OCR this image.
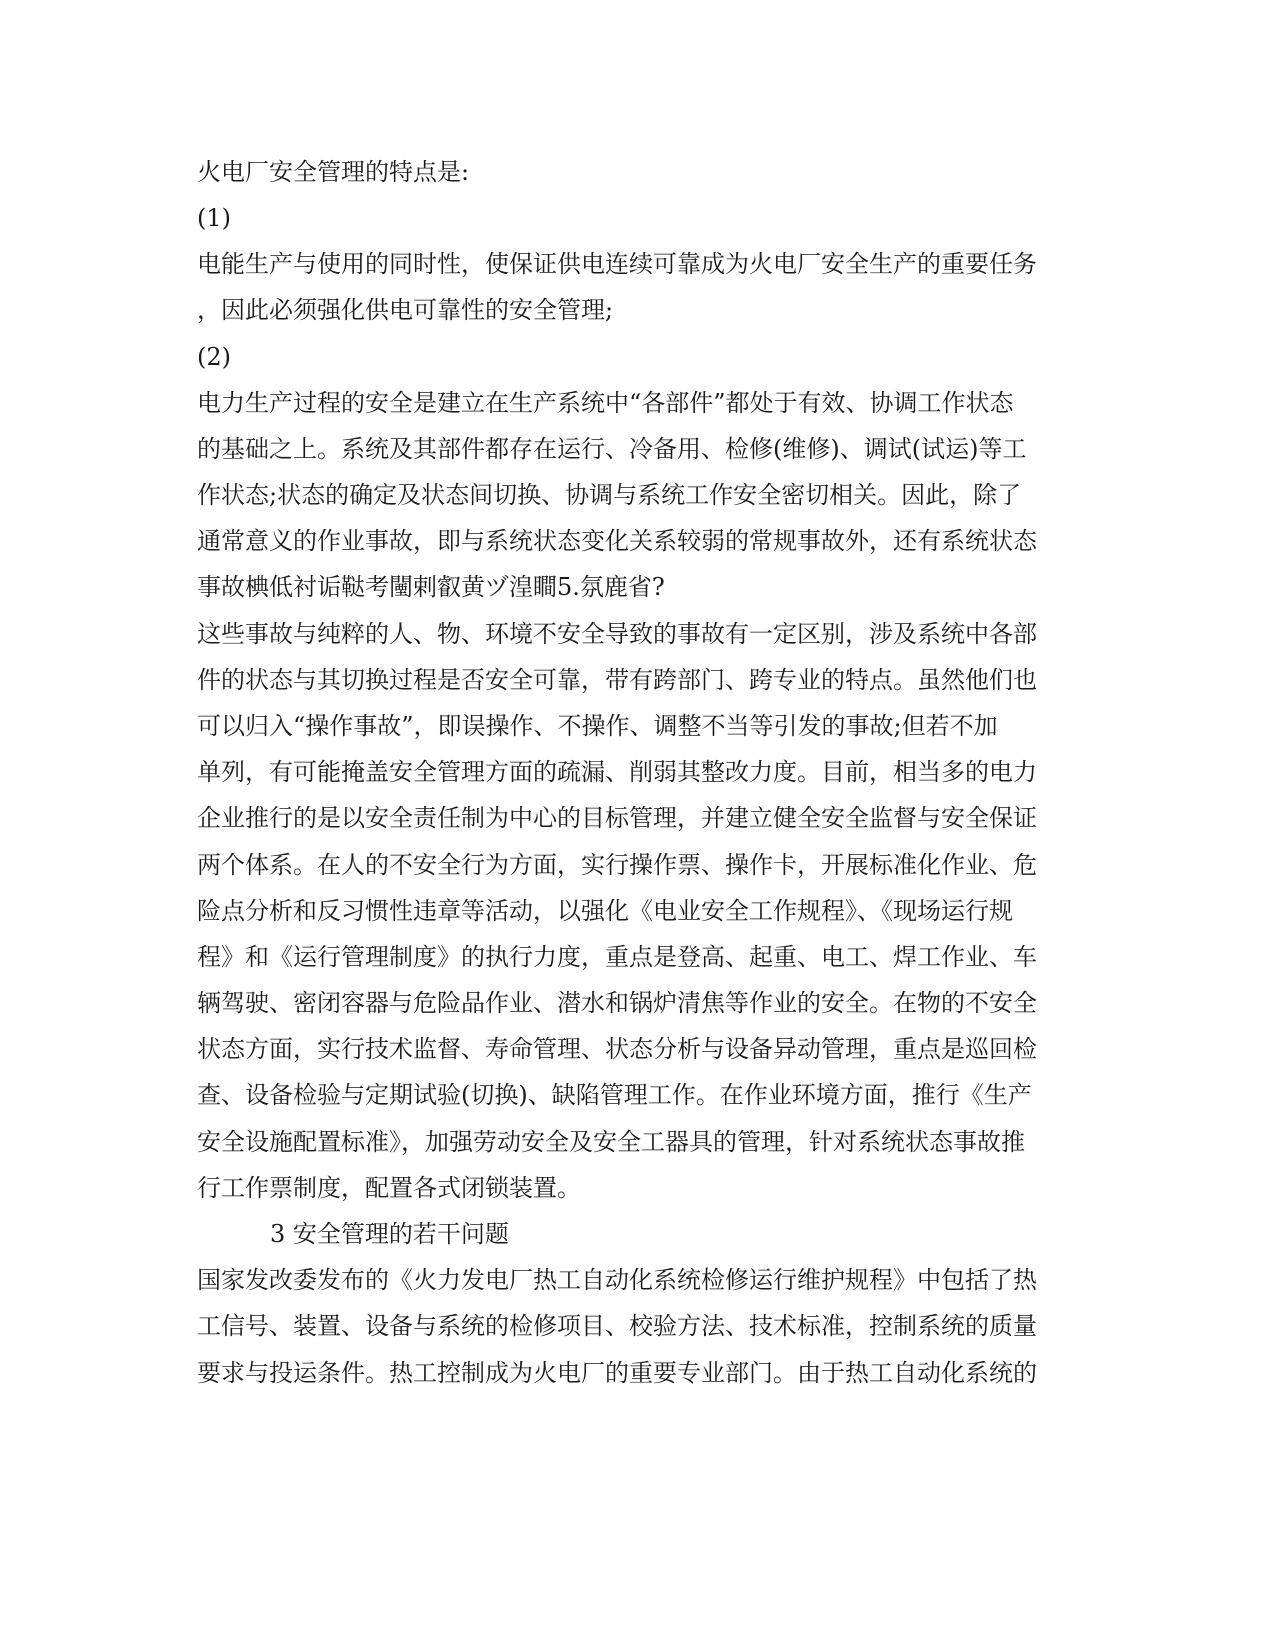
火电厂安全管理的特点是:
(1)
电能生产与使用的同时性，使保证供电连续可靠成为火电厂安全生产的重要任务
，因此必须强化供电可靠性的安全管理;
(2)
电力生产过程的安全是建立在生产系统中“各部件”都处于有效、协调工作状态
的基础之上。系统及其部件都存在运行、冷备用、检修(维修)、调试(试运)等工
作状态;状态的确定及状态间切换、协调与系统工作安全密切相关。因此，除了
通常意义的作业事故，即与系统状态变化关系较弱的常规事故外，还有系统状态
事故椣低衬诟鞑考闉剌叡黄ヅ湟瞷5.氛鹿省?
这些事故与纯粹的人、物、环境不安全导致的事故有一定区别，涉及系统中各部
件的状态与其切换过程是否安全可靠，带有跨部门、跨专业的特点。虽然他们也
可以归入“操作事故”，即误操作、不操作、调整不当等引发的事故;但若不加
单列，有可能掩盖安全管理方面的疏漏、削弱其整改力度。目前，相当多的电力
企业推行的是以安全责任制为中心的目标管理，并建立健全安全监督与安全保证
两个体系。在人的不安全行为方面，实行操作票、操作卡，开展标准化作业、危
险点分析和反习惯性违章等活动，以强化《电业安全工作规程》、《现场运行规
程》和《运行管理制度》的执行力度，重点是登高、起重、电工、焊工作业、车
辆驾驶、密闭容器与危险品作业、潜水和锅炉清焦等作业的安全。在物的不安全
状态方面，实行技术监督、寿命管理、状态分析与设备异动管理，重点是巡回检
查、设备检验与定期试验(切换)、缺陷管理工作。在作业环境方面，推行《生产
安全设施配置标准》，加强劳动安全及安全工器具的管理，针对系统状态事故推
行工作票制度，配置各式闭锁装置。
3 安全管理的若干问题
国家发改委发布的《火力发电厂热工自动化系统检修运行维护规程》中包括了热
工信号、装置、设备与系统的检修项目、校验方法、技术标准，控制系统的质量
要求与投运条件。热工控制成为火电厂的重要专业部门。由于热工自动化系统的
